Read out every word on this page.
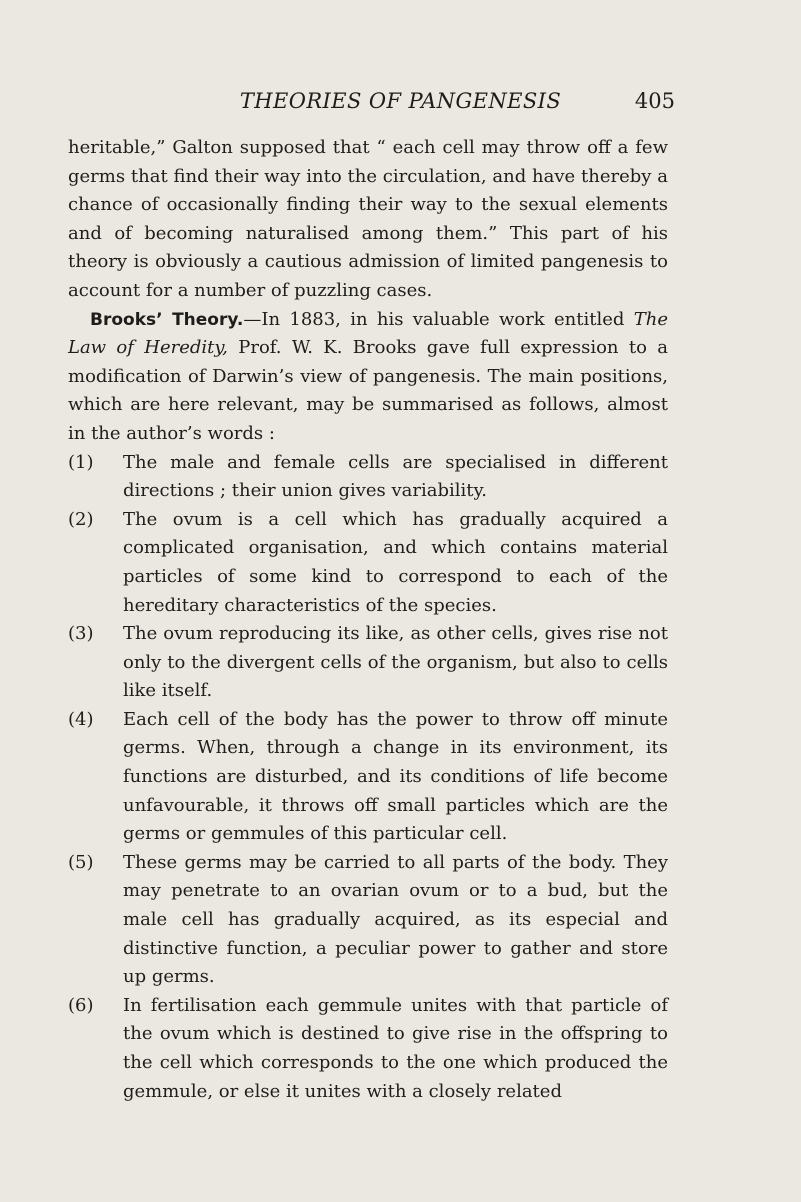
THEORIES OF PANGENESIS	405

heritable,” Galton supposed that “ each cell may throw off a few germs that find their way into the circulation, and have thereby a chance of occasionally finding their way to the sexual elements and of becoming naturalised among them.” This part of his theory is obviously a cautious admission of limited pangenesis to account for a number of puzzling cases.

Brooks’ Theory.—In 1883, in his valuable work entitled The Law of Heredity, Prof. W. K. Brooks gave full expression to a modification of Darwin’s view of pangenesis. The main positions, which are here relevant, may be summarised as follows, almost in the author’s words :

(1) The male and female cells are specialised in different directions ; their union gives variability.
(2) The ovum is a cell which has gradually acquired a complicated organisation, and which contains material particles of some kind to correspond to each of the hereditary characteristics of the species.
(3) The ovum reproducing its like, as other cells, gives rise not only to the divergent cells of the organism, but also to cells like itself.
(4) Each cell of the body has the power to throw off minute germs. When, through a change in its environment, its functions are disturbed, and its conditions of life become unfavourable, it throws off small particles which are the germs or gemmules of this particular cell.
(5) These germs may be carried to all parts of the body. They may penetrate to an ovarian ovum or to a bud, but the male cell has gradually acquired, as its especial and distinctive function, a peculiar power to gather and store up germs.
(6) In fertilisation each gemmule unites with that particle of the ovum which is destined to give rise in the offspring to the cell which corresponds to the one which produced the gemmule, or else it unites with a closely related
